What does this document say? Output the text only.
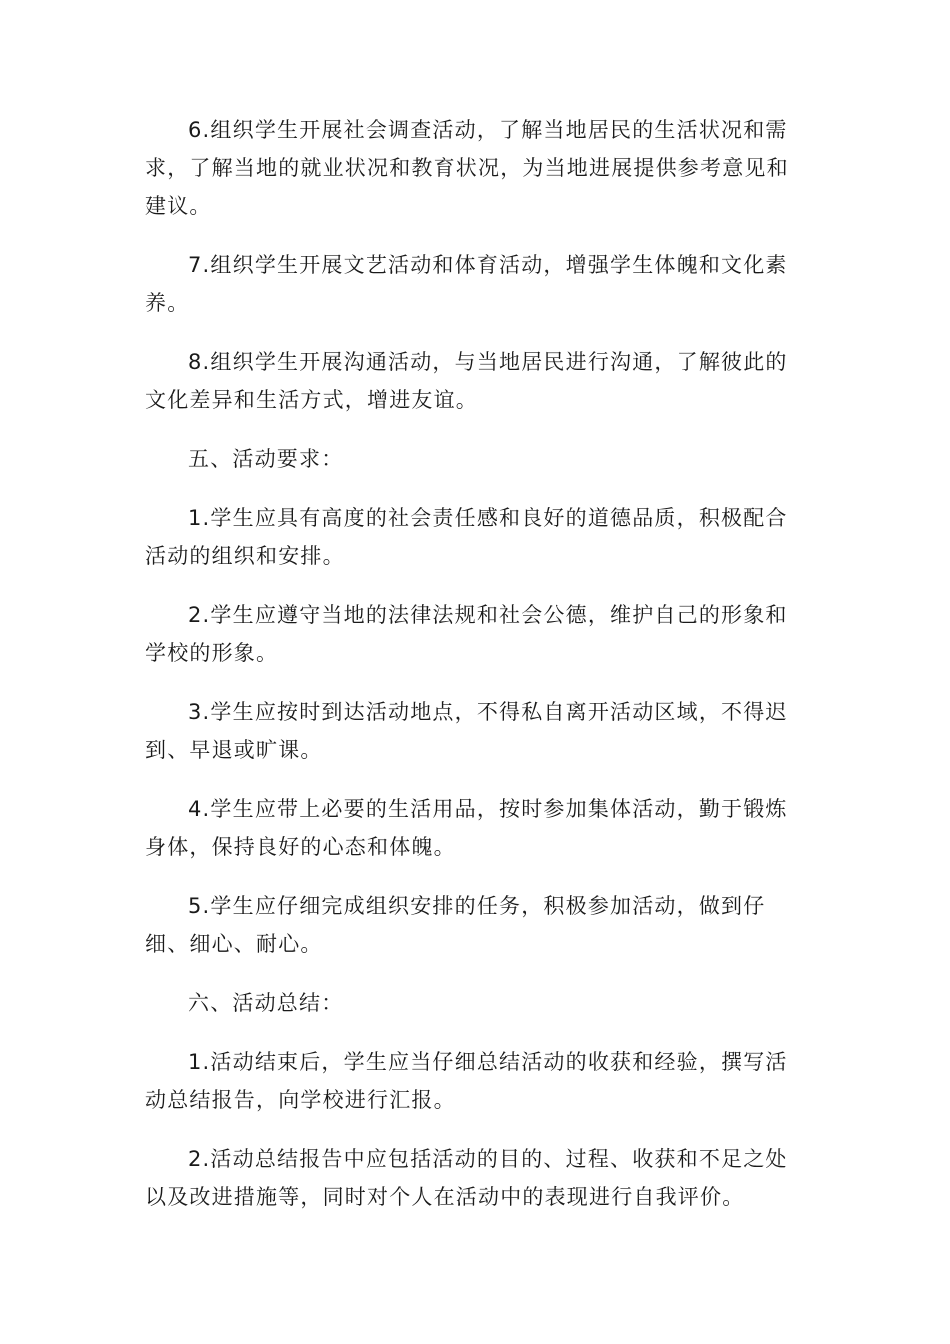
6.组织学生开展社会调查活动，了解当地居民的生活状况和需求，了解当地的就业状况和教育状况，为当地进展提供参考意见和建议。

7.组织学生开展文艺活动和体育活动，增强学生体魄和文化素养。

8.组织学生开展沟通活动，与当地居民进行沟通，了解彼此的文化差异和生活方式，增进友谊。

五、活动要求：

1.学生应具有高度的社会责任感和良好的道德品质，积极配合活动的组织和安排。

2.学生应遵守当地的法律法规和社会公德，维护自己的形象和学校的形象。

3.学生应按时到达活动地点，不得私自离开活动区域，不得迟到、早退或旷课。

4.学生应带上必要的生活用品，按时参加集体活动，勤于锻炼身体，保持良好的心态和体魄。

5.学生应仔细完成组织安排的任务，积极参加活动，做到仔细、细心、耐心。

六、活动总结：

1.活动结束后，学生应当仔细总结活动的收获和经验，撰写活动总结报告，向学校进行汇报。

2.活动总结报告中应包括活动的目的、过程、收获和不足之处以及改进措施等，同时对个人在活动中的表现进行自我评价。
